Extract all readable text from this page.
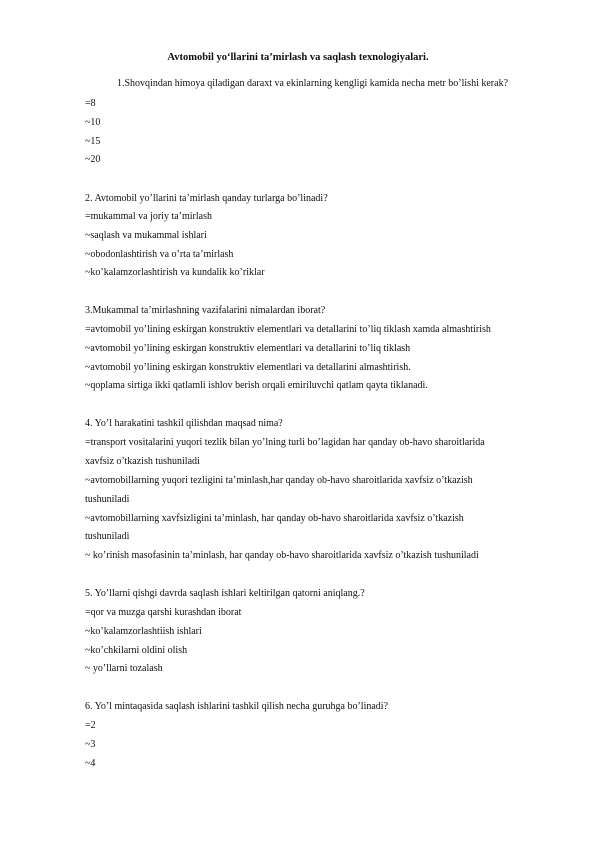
Avtomobil yo‘llarini ta’mirlash va saqlash texnologiyalari.
1.Shovqindan himoya qiladigan daraxt va ekinlarning kengligi kamida necha metr bo’lishi kerak?
=8
~10
~15
~20
2. Avtomobil yo’llarini ta’mirlash qanday turlarga bo’linadi?
=mukammal va joriy ta’mirlash
~saqlash va mukammal ishlari
~obodonlashtirish va o’rta ta’mirlash
~ko’kalamzorlashtirish va kundalik ko’riklar
3.Mukammal ta’mirlashning vazifalarini nimalardan iborat?
=avtomobil yo’lining eskirgan konstruktiv elementlari va detallarini to’liq tiklash xamda almashtirish
~avtomobil yo’lining eskirgan konstruktiv elementlari va detallarini to’liq tiklash
~avtomobil yo’lining eskirgan konstruktiv elementlari va detallarini almashtirish.
~qoplama sirtiga ikki qatlamli ishlov berish orqali emiriluvchi qatlam qayta tiklanadi.
4. Yo’l harakatini tashkil qilishdan maqsad nima?
=transport vositalarini yuqori tezlik bilan yo’lning turli bo’lagidan har qanday ob-havo sharoitlarida
xavfsiz o’tkazish tushuniladi
~avtomobillarning yuqori tezligini ta’minlash,har qanday ob-havo sharoitlarida xavfsiz o’tkazish
tushuniladi
~avtomobillarning xavfsizligini ta’minlash, har qanday ob-havo sharoitlarida xavfsiz o’tkazish
tushuniladi
~ ko’rinish masofasinin ta’minlash, har qanday ob-havo sharoitlarida xavfsiz o’tkazish tushuniladi
5. Yo’llarni qishgi davrda saqlash ishlari keltirilgan qatorni aniqlang.?
=qor va muzga qarshi kurashdan iborat
~ko’kalamzorlashtiish ishlari
~ko’chkilarni oldini olish
~ yo’llarni tozalash
6. Yo’l mintaqasida saqlash ishlarini tashkil qilish necha guruhga bo’linadi?
=2
~3
~4
